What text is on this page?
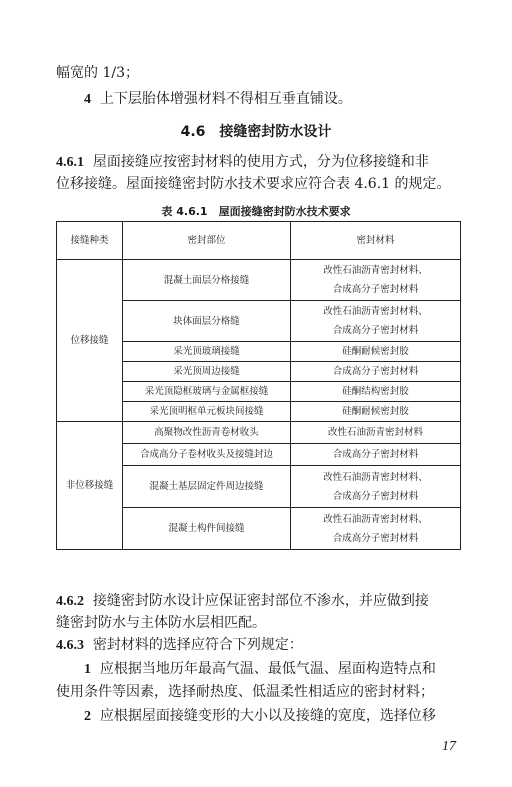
幅宽的 1/3；
4 上下层胎体增强材料不得相互垂直铺设。
4.6　接缝密封防水设计
4.6.1 屋面接缝应按密封材料的使用方式，分为位移接缝和非
位移接缝。屋面接缝密封防水技术要求应符合表 4.6.1 的规定。
表 4.6.1　屋面接缝密封防水技术要求
接缝种类	密封部位	密封材料
位移接缝	混凝土面层分格接缝	改性石油沥青密封材料、
合成高分子密封材料

	块体面层分格缝	改性石油沥青密封材料、
合成高分子密封材料

	采光顶玻璃接缝	硅酮耐候密封胶
	采光顶周边接缝	合成高分子密封材料
	采光顶隐框玻璃与金属框接缝	硅酮结构密封胶
	采光顶明框单元板块间接缝	硅酮耐候密封胶
非位移接缝	高聚物改性沥青卷材收头	改性石油沥青密封材料
	合成高分子卷材收头及接缝封边	合成高分子密封材料
	混凝土基层固定件周边接缝	改性石油沥青密封材料、
合成高分子密封材料

	混凝土构件间接缝	改性石油沥青密封材料、
合成高分子密封材料
4.6.2 接缝密封防水设计应保证密封部位不渗水，并应做到接
缝密封防水与主体防水层相匹配。
4.6.3 密封材料的选择应符合下列规定：
1 应根据当地历年最高气温、最低气温、屋面构造特点和
使用条件等因素，选择耐热度、低温柔性相适应的密封材料；
2 应根据屋面接缝变形的大小以及接缝的宽度，选择位移
17
